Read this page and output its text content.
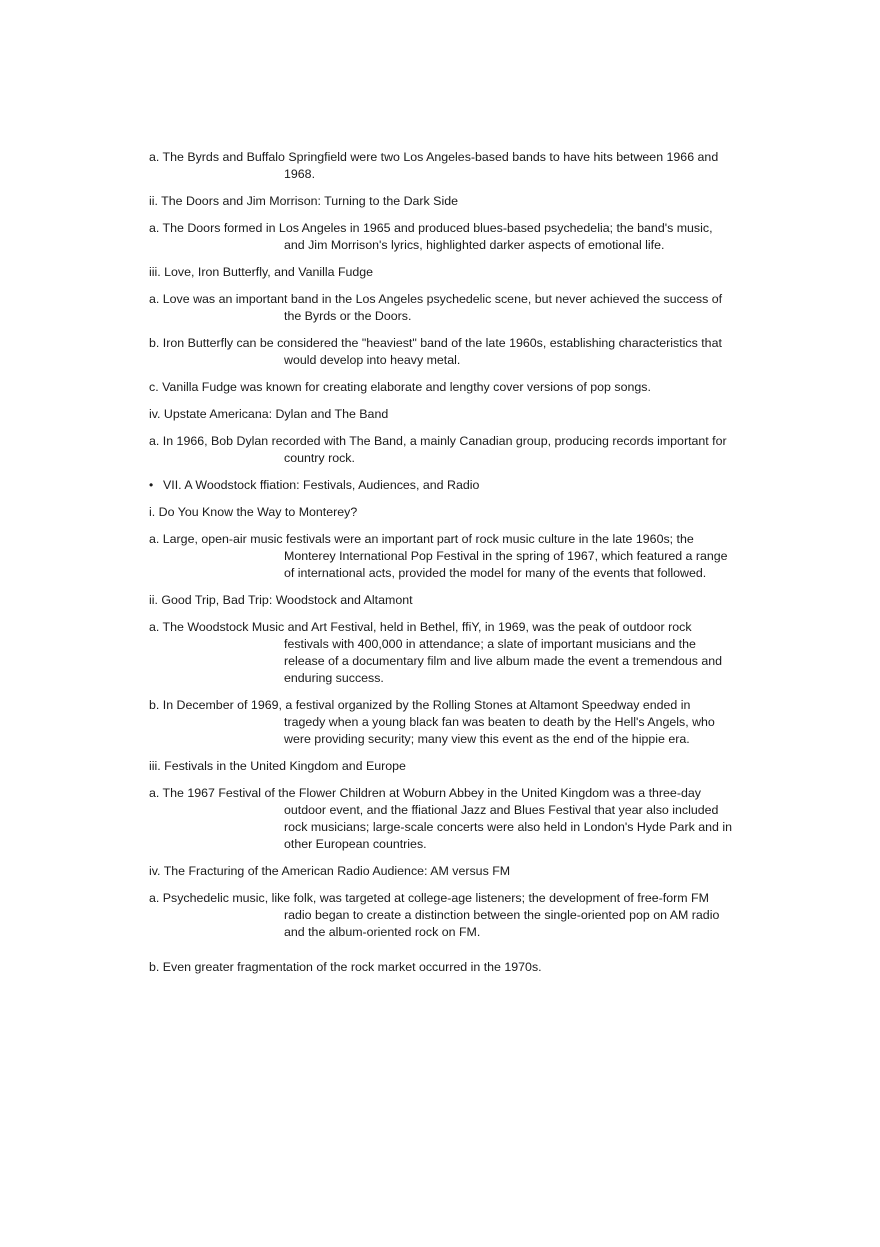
a. The Byrds and Buffalo Springfield were two Los Angeles-based bands to have hits between 1966 and 1968.

ii. The Doors and Jim Morrison: Turning to the Dark Side

a. The Doors formed in Los Angeles in 1965 and produced blues-based psychedelia; the band's music, and Jim Morrison's lyrics, highlighted darker aspects of emotional life.

iii. Love, Iron Butterfly, and Vanilla Fudge

a. Love was an important band in the Los Angeles psychedelic scene, but never achieved the success of the Byrds or the Doors.

b. Iron Butterfly can be considered the "heaviest" band of the late 1960s, establishing characteristics that would develop into heavy metal.

c. Vanilla Fudge was known for creating elaborate and lengthy cover versions of pop songs.

iv. Upstate Americana: Dylan and The Band

a. In 1966, Bob Dylan recorded with The Band, a mainly Canadian group, producing records important for country rock.

• VII. A Woodstock ffiation: Festivals, Audiences, and Radio

i. Do You Know the Way to Monterey?

a. Large, open-air music festivals were an important part of rock music culture in the late 1960s; the Monterey International Pop Festival in the spring of 1967, which featured a range of international acts, provided the model for many of the events that followed.

ii. Good Trip, Bad Trip: Woodstock and Altamont

a. The Woodstock Music and Art Festival, held in Bethel, ffiY, in 1969, was the peak of outdoor rock festivals with 400,000 in attendance; a slate of important musicians and the release of a documentary film and live album made the event a tremendous and enduring success.

b. In December of 1969, a festival organized by the Rolling Stones at Altamont Speedway ended in tragedy when a young black fan was beaten to death by the Hell's Angels, who were providing security; many view this event as the end of the hippie era.

iii. Festivals in the United Kingdom and Europe

a. The 1967 Festival of the Flower Children at Woburn Abbey in the United Kingdom was a three-day outdoor event, and the ffiational Jazz and Blues Festival that year also included rock musicians; large-scale concerts were also held in London's Hyde Park and in other European countries.

iv. The Fracturing of the American Radio Audience: AM versus FM

a. Psychedelic music, like folk, was targeted at college-age listeners; the development of free-form FM radio began to create a distinction between the single-oriented pop on AM radio and the album-oriented rock on FM.

b. Even greater fragmentation of the rock market occurred in the 1970s.
